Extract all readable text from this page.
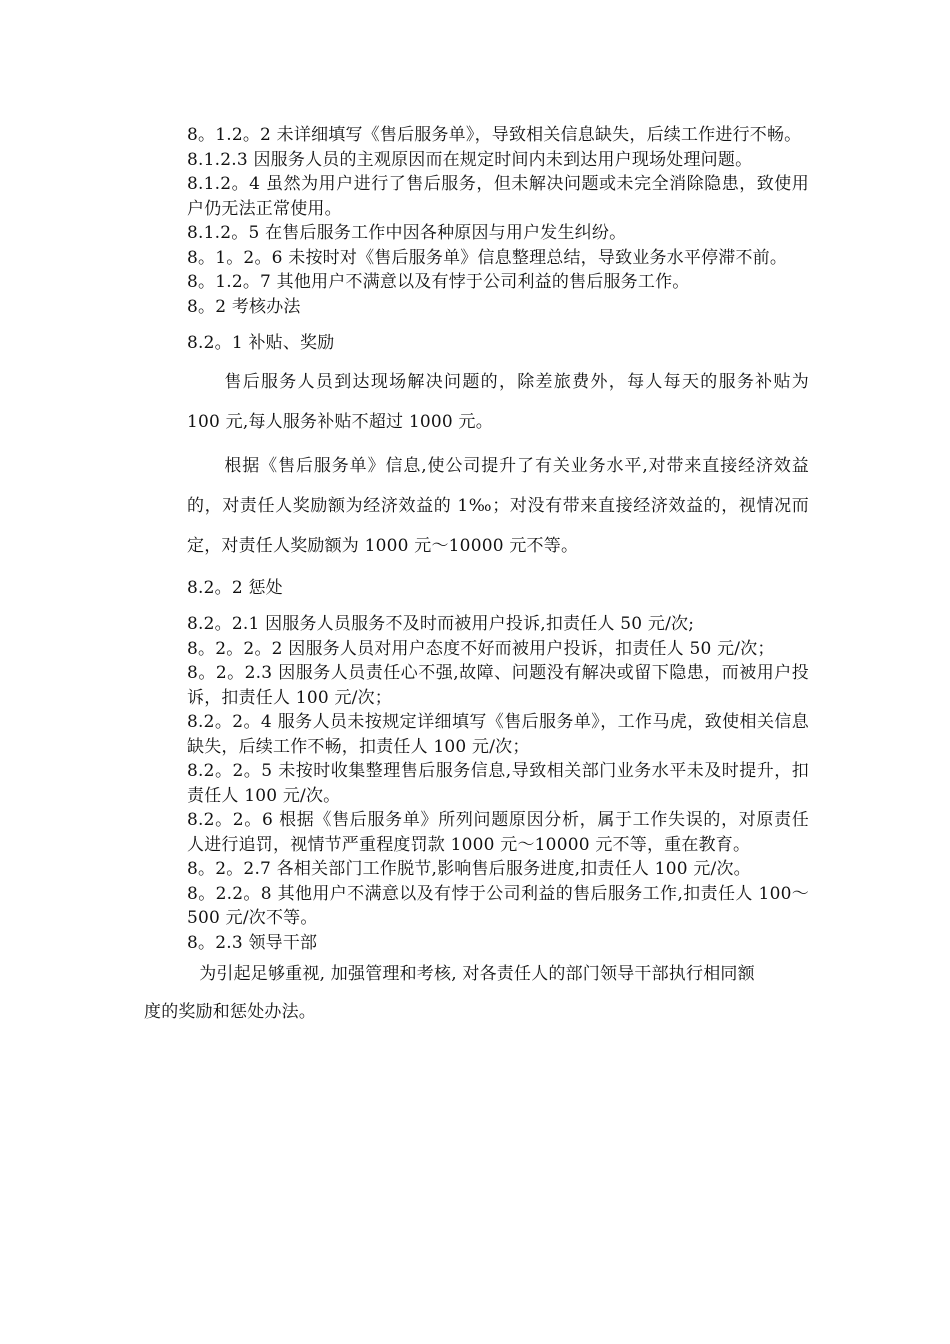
8。1.2。2 未详细填写《售后服务单》，导致相关信息缺失，后续工作进行不畅。

8.1.2.3 因服务人员的主观原因而在规定时间内未到达用户现场处理问题。

8.1.2。4 虽然为用户进行了售后服务，但未解决问题或未完全消除隐患，致使用户仍无法正常使用。

8.1.2。5 在售后服务工作中因各种原因与用户发生纠纷。

8。1。2。6 未按时对《售后服务单》信息整理总结，导致业务水平停滞不前。

8。1.2。7 其他用户不满意以及有悖于公司利益的售后服务工作。

8。2 考核办法

8.2。1 补贴、奖励

售后服务人员到达现场解决问题的，除差旅费外，每人每天的服务补贴为 100 元,每人服务补贴不超过 1000 元。

根据《售后服务单》信息,使公司提升了有关业务水平,对带来直接经济效益的，对责任人奖励额为经济效益的 1‰；对没有带来直接经济效益的，视情况而定，对责任人奖励额为 1000 元～10000 元不等。

8.2。2 惩处

8.2。2.1 因服务人员服务不及时而被用户投诉,扣责任人 50 元/次;

8。2。2。2 因服务人员对用户态度不好而被用户投诉，扣责任人 50 元/次；

8。2。2.3 因服务人员责任心不强,故障、问题没有解决或留下隐患，而被用户投诉，扣责任人 100 元/次；

8.2。2。4 服务人员未按规定详细填写《售后服务单》，工作马虎，致使相关信息缺失，后续工作不畅，扣责任人 100 元/次；

8.2。2。5 未按时收集整理售后服务信息,导致相关部门业务水平未及时提升，扣责任人 100 元/次。

8.2。2。6 根据《售后服务单》所列问题原因分析，属于工作失误的，对原责任人进行追罚，视情节严重程度罚款 1000 元～10000 元不等，重在教育。

8。2。2.7 各相关部门工作脱节,影响售后服务进度,扣责任人 100 元/次。

8。2.2。8 其他用户不满意以及有悖于公司利益的售后服务工作,扣责任人 100～500 元/次不等。

8。2.3 领导干部

为引起足够重视, 加强管理和考核, 对各责任人的部门领导干部执行相同额

度的奖励和惩处办法。
